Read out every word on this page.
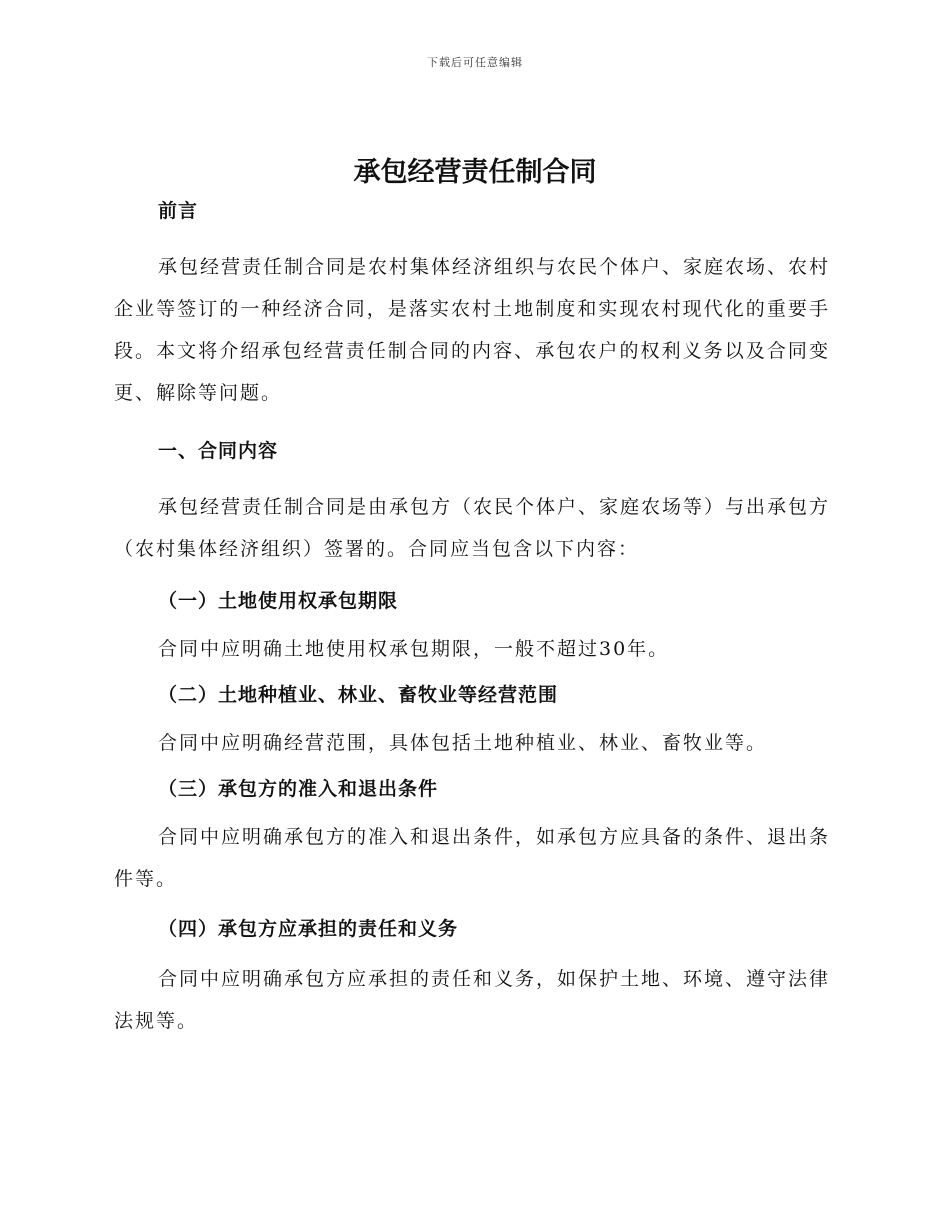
下载后可任意编辑
承包经营责任制合同
前言

承包经营责任制合同是农村集体经济组织与农民个体户、家庭农场、农村企业等签订的一种经济合同，是落实农村土地制度和实现农村现代化的重要手段。本文将介绍承包经营责任制合同的内容、承包农户的权利义务以及合同变更、解除等问题。

一、合同内容

承包经营责任制合同是由承包方（农民个体户、家庭农场等）与出承包方（农村集体经济组织）签署的。合同应当包含以下内容：

（一）土地使用权承包期限

合同中应明确土地使用权承包期限，一般不超过30年。

（二）土地种植业、林业、畜牧业等经营范围

合同中应明确经营范围，具体包括土地种植业、林业、畜牧业等。

（三）承包方的准入和退出条件

合同中应明确承包方的准入和退出条件，如承包方应具备的条件、退出条件等。

（四）承包方应承担的责任和义务

合同中应明确承包方应承担的责任和义务，如保护土地、环境、遵守法律法规等。
